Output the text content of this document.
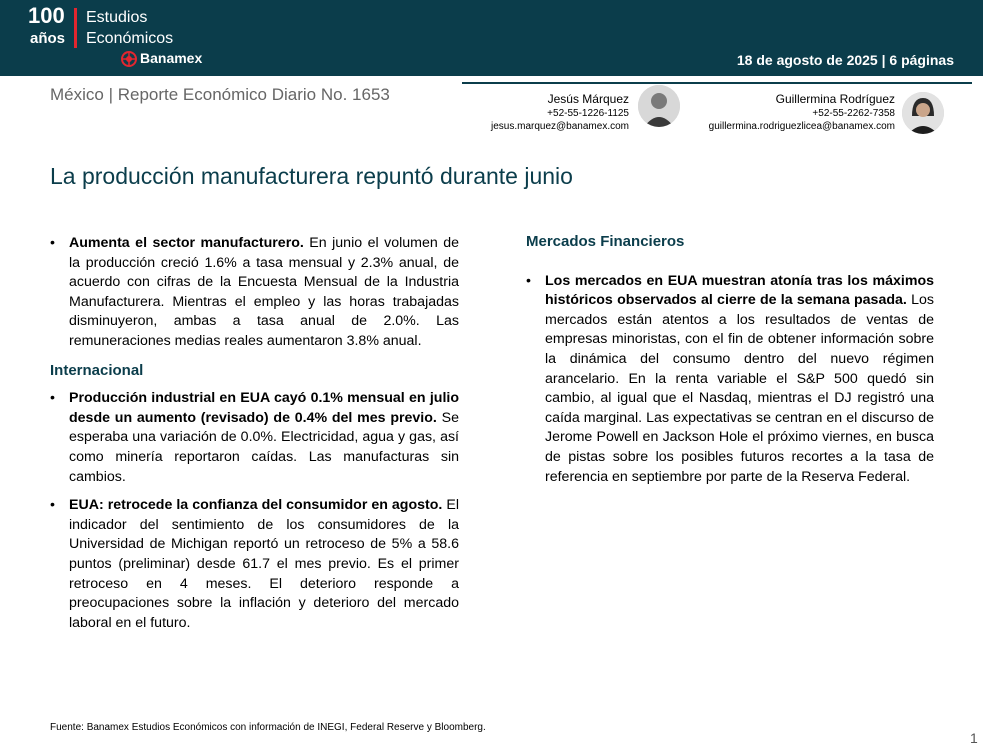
100
años
Estudios
Económicos
Banamex	18 de agosto de 2025 | 6 páginas
México | Reporte Económico Diario No. 1653	Jesús Márquez
+52-55-1226-1125
jesus.marquez@banamex.com
Guillermina Rodríguez
+52-55-2262-7358
guillermina.rodriguezlicea@banamex.com
La producción manufacturera repuntó durante junio
• Aumenta el sector manufacturero. En junio el volumen de la producción creció 1.6% a tasa mensual y 2.3% anual, de acuerdo con cifras de la Encuesta Mensual de la Industria Manufacturera. Mientras el empleo y las horas trabajadas disminuyeron, ambas a tasa anual de 2.0%. Las remuneraciones medias reales aumentaron 3.8% anual.
Internacional
• Producción industrial en EUA cayó 0.1% mensual en julio desde un aumento (revisado) de 0.4% del mes previo. Se esperaba una variación de 0.0%. Electricidad, agua y gas, así como minería reportaron caídas. Las manufacturas sin cambios.
• EUA: retrocede la confianza del consumidor en agosto. El indicador del sentimiento de los consumidores de la Universidad de Michigan reportó un retroceso de 5% a 58.6 puntos (preliminar) desde 61.7 el mes previo. Es el primer retroceso en 4 meses. El deterioro responde a preocupaciones sobre la inflación y deterioro del mercado laboral en el futuro.
Mercados Financieros
• Los mercados en EUA muestran atonía tras los máximos históricos observados al cierre de la semana pasada. Los mercados están atentos a los resultados de ventas de empresas minoristas, con el fin de obtener información sobre la dinámica del consumo dentro del nuevo régimen arancelario. En la renta variable el S&P 500 quedó sin cambio, al igual que el Nasdaq, mientras el DJ registró una caída marginal. Las expectativas se centran en el discurso de Jerome Powell en Jackson Hole el próximo viernes, en busca de pistas sobre los posibles futuros recortes a la tasa de referencia en septiembre por parte de la Reserva Federal.
Fuente: Banamex Estudios Económicos con información de INEGI, Federal Reserve y Bloomberg.
1
